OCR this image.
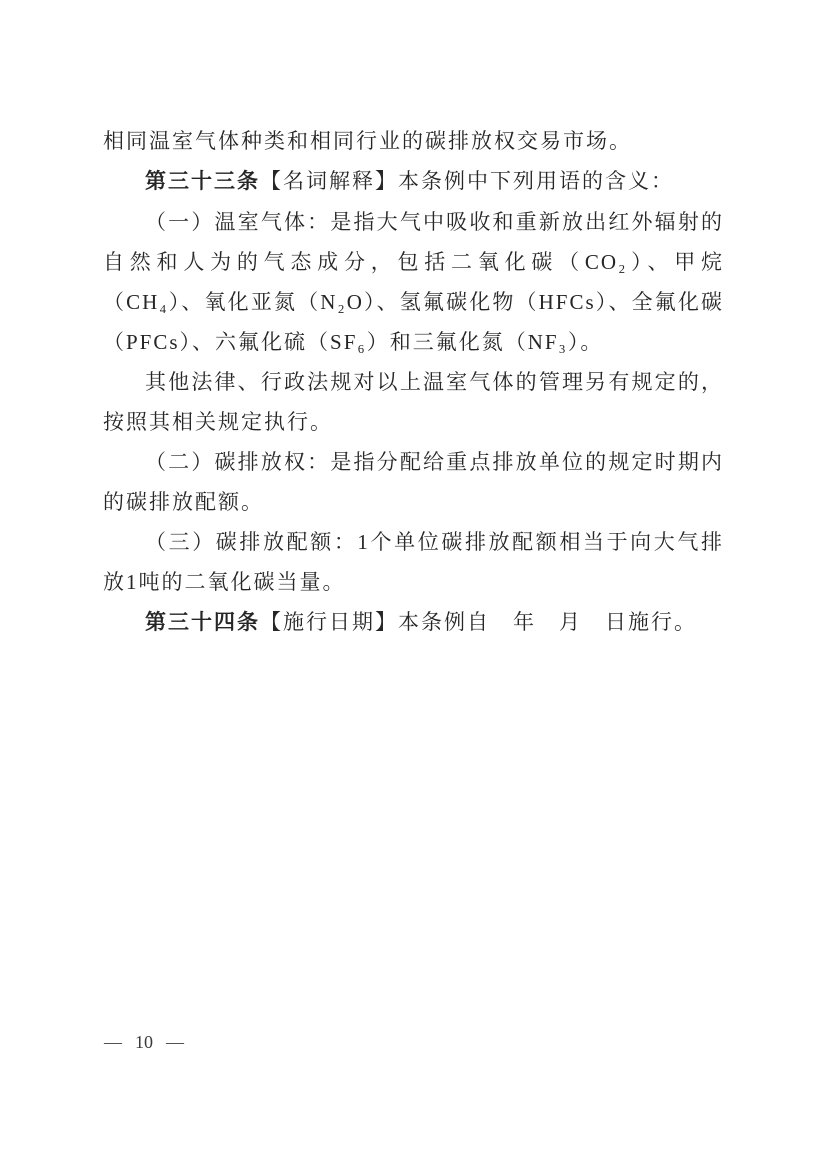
相同温室气体种类和相同行业的碳排放权交易市场。

第三十三条【名词解释】本条例中下列用语的含义：

（一）温室气体：是指大气中吸收和重新放出红外辐射的自然和人为的气态成分，包括二氧化碳（CO₂）、甲烷（CH₄）、氧化亚氮（N₂O）、氢氟碳化物（HFCs）、全氟化碳（PFCs）、六氟化硫（SF₆）和三氟化氮（NF₃）。

其他法律、行政法规对以上温室气体的管理另有规定的，按照其相关规定执行。

（二）碳排放权：是指分配给重点排放单位的规定时期内的碳排放配额。

（三）碳排放配额：1个单位碳排放配额相当于向大气排放1吨的二氧化碳当量。

第三十四条【施行日期】本条例自　年　月　日施行。

— 10 —
